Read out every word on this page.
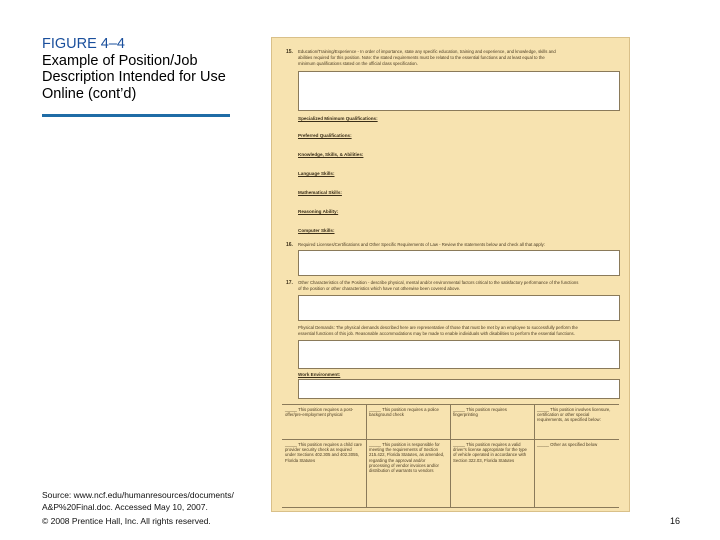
FIGURE 4–4
Example of Position/Job Description Intended for Use Online (cont’d)
15. Education/Training/Experience - In order of importance, state any specific education, training and experience, and knowledge, skills and
abilities required for this position. Note: the stated requirements must be related to the essential functions and at least equal to the
minimum qualifications stated on the official class specification.
Specialized Minimum Qualifications:
Preferred Qualifications:
Knowledge, Skills, & Abilities:
Language Skills:
Mathematical Skills:
Reasoning Ability:
Computer Skills:
16. Required Licenses/Certifications and Other Specific Requirements of Law - Review the statements below and check all that apply:
17. Other Characteristics of the Position - describe physical, mental and/or environmental factors critical to the satisfactory performance of the functions
of the position or other characteristics which have not otherwise been covered above.
Physical Demands: The physical demands described here are representative of those that must be met by an employee to successfully perform the
essential functions of this job. Reasonable accommodations may be made to enable individuals with disabilities to perform the essential functions.
Work Environment:
_____ This position requires a post-offer/pre-employment physical
_____ This position requires a police background check
_____ This position requires fingerprinting
_____ This position involves licensure, certification or other special requirements, as specified below:
_____ This position requires a child care provider security check as required under Sections 402.305 and 402.3055, Florida Statutes
_____ This position is responsible for meeting the requirements of Section 215.422, Florida Statutes, as amended, regarding the approval and/or processing of vendor invoices and/or distribution of warrants to vendors
_____ This position requires a valid driver's license appropriate for the type of vehicle operated in accordance with Section 322.03, Florida Statutes
_____ Other as specified below
Source: www.ncf.edu/humanresources/documents/
A&P%20Final.doc. Accessed May 10, 2007.
© 2008 Prentice Hall, Inc. All rights reserved.	16
